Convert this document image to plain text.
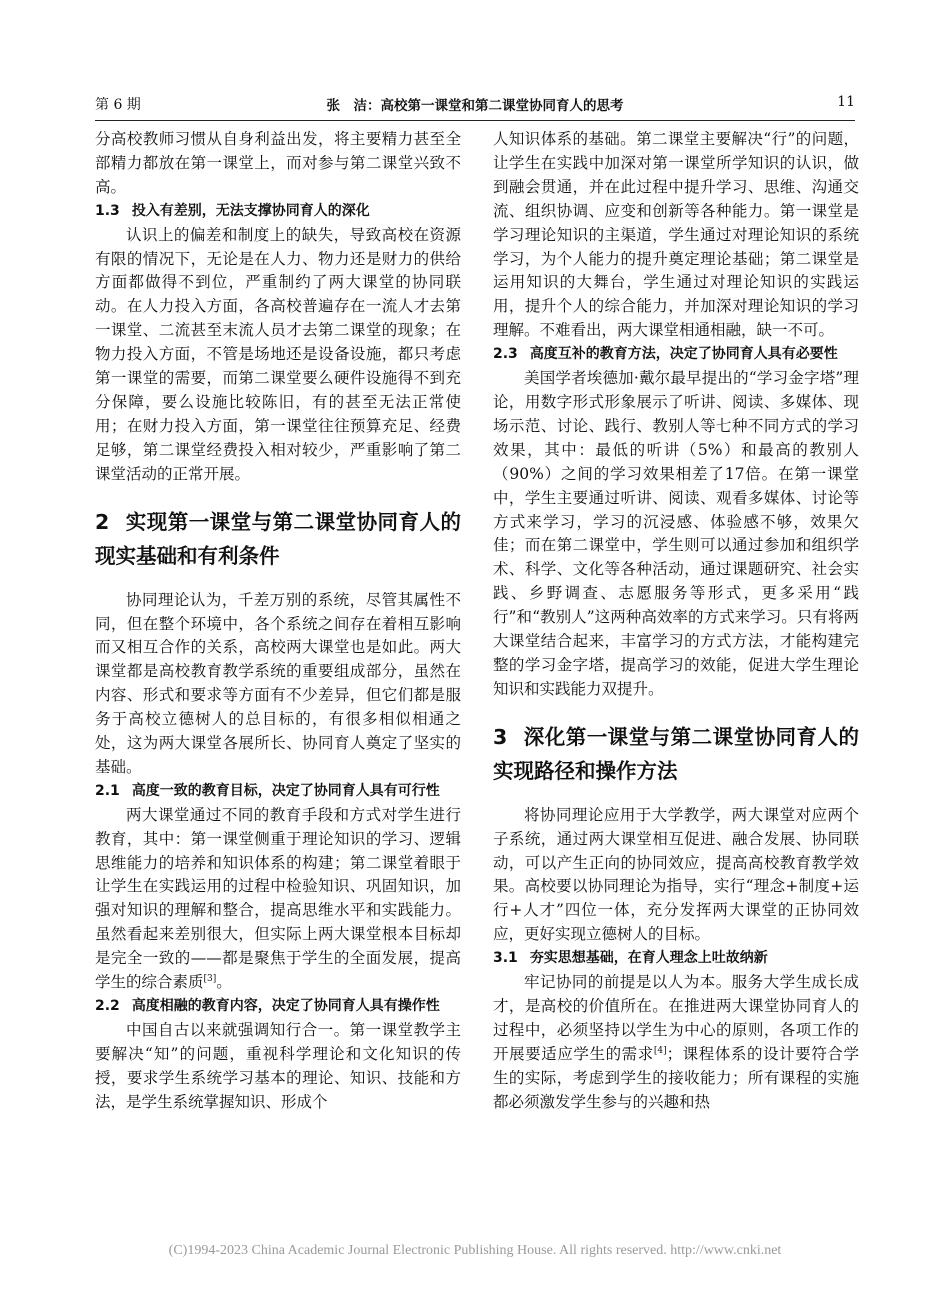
第 6 期	张　洁：高校第一课堂和第二课堂协同育人的思考	11

分高校教师习惯从自身利益出发，将主要精力甚至全部精力都放在第一课堂上，而对参与第二课堂兴致不高。

1.3 投入有差别，无法支撑协同育人的深化

认识上的偏差和制度上的缺失，导致高校在资源有限的情况下，无论是在人力、物力还是财力的供给方面都做得不到位，严重制约了两大课堂的协同联动。在人力投入方面，各高校普遍存在一流人才去第一课堂、二流甚至末流人员才去第二课堂的现象；在物力投入方面，不管是场地还是设备设施，都只考虑第一课堂的需要，而第二课堂要么硬件设施得不到充分保障，要么设施比较陈旧，有的甚至无法正常使用；在财力投入方面，第一课堂往往预算充足、经费足够，第二课堂经费投入相对较少，严重影响了第二课堂活动的正常开展。

2 实现第一课堂与第二课堂协同育人的现实基础和有利条件

协同理论认为，千差万别的系统，尽管其属性不同，但在整个环境中，各个系统之间存在着相互影响而又相互合作的关系，高校两大课堂也是如此。两大课堂都是高校教育教学系统的重要组成部分，虽然在内容、形式和要求等方面有不少差异，但它们都是服务于高校立德树人的总目标的，有很多相似相通之处，这为两大课堂各展所长、协同育人奠定了坚实的基础。

2.1 高度一致的教育目标，决定了协同育人具有可行性

两大课堂通过不同的教育手段和方式对学生进行教育，其中：第一课堂侧重于理论知识的学习、逻辑思维能力的培养和知识体系的构建；第二课堂着眼于让学生在实践运用的过程中检验知识、巩固知识，加强对知识的理解和整合，提高思维水平和实践能力。虽然看起来差别很大，但实际上两大课堂根本目标却是完全一致的——都是聚焦于学生的全面发展，提高学生的综合素质[3]。

2.2 高度相融的教育内容，决定了协同育人具有操作性

中国自古以来就强调知行合一。第一课堂教学主要解决“知”的问题，重视科学理论和文化知识的传授，要求学生系统学习基本的理论、知识、技能和方法，是学生系统掌握知识、形成个

人知识体系的基础。第二课堂主要解决“行”的问题，让学生在实践中加深对第一课堂所学知识的认识，做到融会贯通，并在此过程中提升学习、思维、沟通交流、组织协调、应变和创新等各种能力。第一课堂是学习理论知识的主渠道，学生通过对理论知识的系统学习，为个人能力的提升奠定理论基础；第二课堂是运用知识的大舞台，学生通过对理论知识的实践运用，提升个人的综合能力，并加深对理论知识的学习理解。不难看出，两大课堂相通相融，缺一不可。

2.3 高度互补的教育方法，决定了协同育人具有必要性

美国学者埃德加·戴尔最早提出的“学习金字塔”理论，用数字形式形象展示了听讲、阅读、多媒体、现场示范、讨论、践行、教别人等七种不同方式的学习效果，其中：最低的听讲（5%）和最高的教别人（90%）之间的学习效果相差了17倍。在第一课堂中，学生主要通过听讲、阅读、观看多媒体、讨论等方式来学习，学习的沉浸感、体验感不够，效果欠佳；而在第二课堂中，学生则可以通过参加和组织学术、科学、文化等各种活动，通过课题研究、社会实践、乡野调查、志愿服务等形式，更多采用“践行”和“教别人”这两种高效率的方式来学习。只有将两大课堂结合起来，丰富学习的方式方法，才能构建完整的学习金字塔，提高学习的效能，促进大学生理论知识和实践能力双提升。

3 深化第一课堂与第二课堂协同育人的实现路径和操作方法

将协同理论应用于大学教学，两大课堂对应两个子系统，通过两大课堂相互促进、融合发展、协同联动，可以产生正向的协同效应，提高高校教育教学效果。高校要以协同理论为指导，实行“理念+制度+运行+人才”四位一体，充分发挥两大课堂的正协同效应，更好实现立德树人的目标。

3.1 夯实思想基础，在育人理念上吐故纳新

牢记协同的前提是以人为本。服务大学生成长成才，是高校的价值所在。在推进两大课堂协同育人的过程中，必须坚持以学生为中心的原则，各项工作的开展要适应学生的需求[4]；课程体系的设计要符合学生的实际，考虑到学生的接收能力；所有课程的实施都必须激发学生参与的兴趣和热

(C)1994-2023 China Academic Journal Electronic Publishing House. All rights reserved. http://www.cnki.net
